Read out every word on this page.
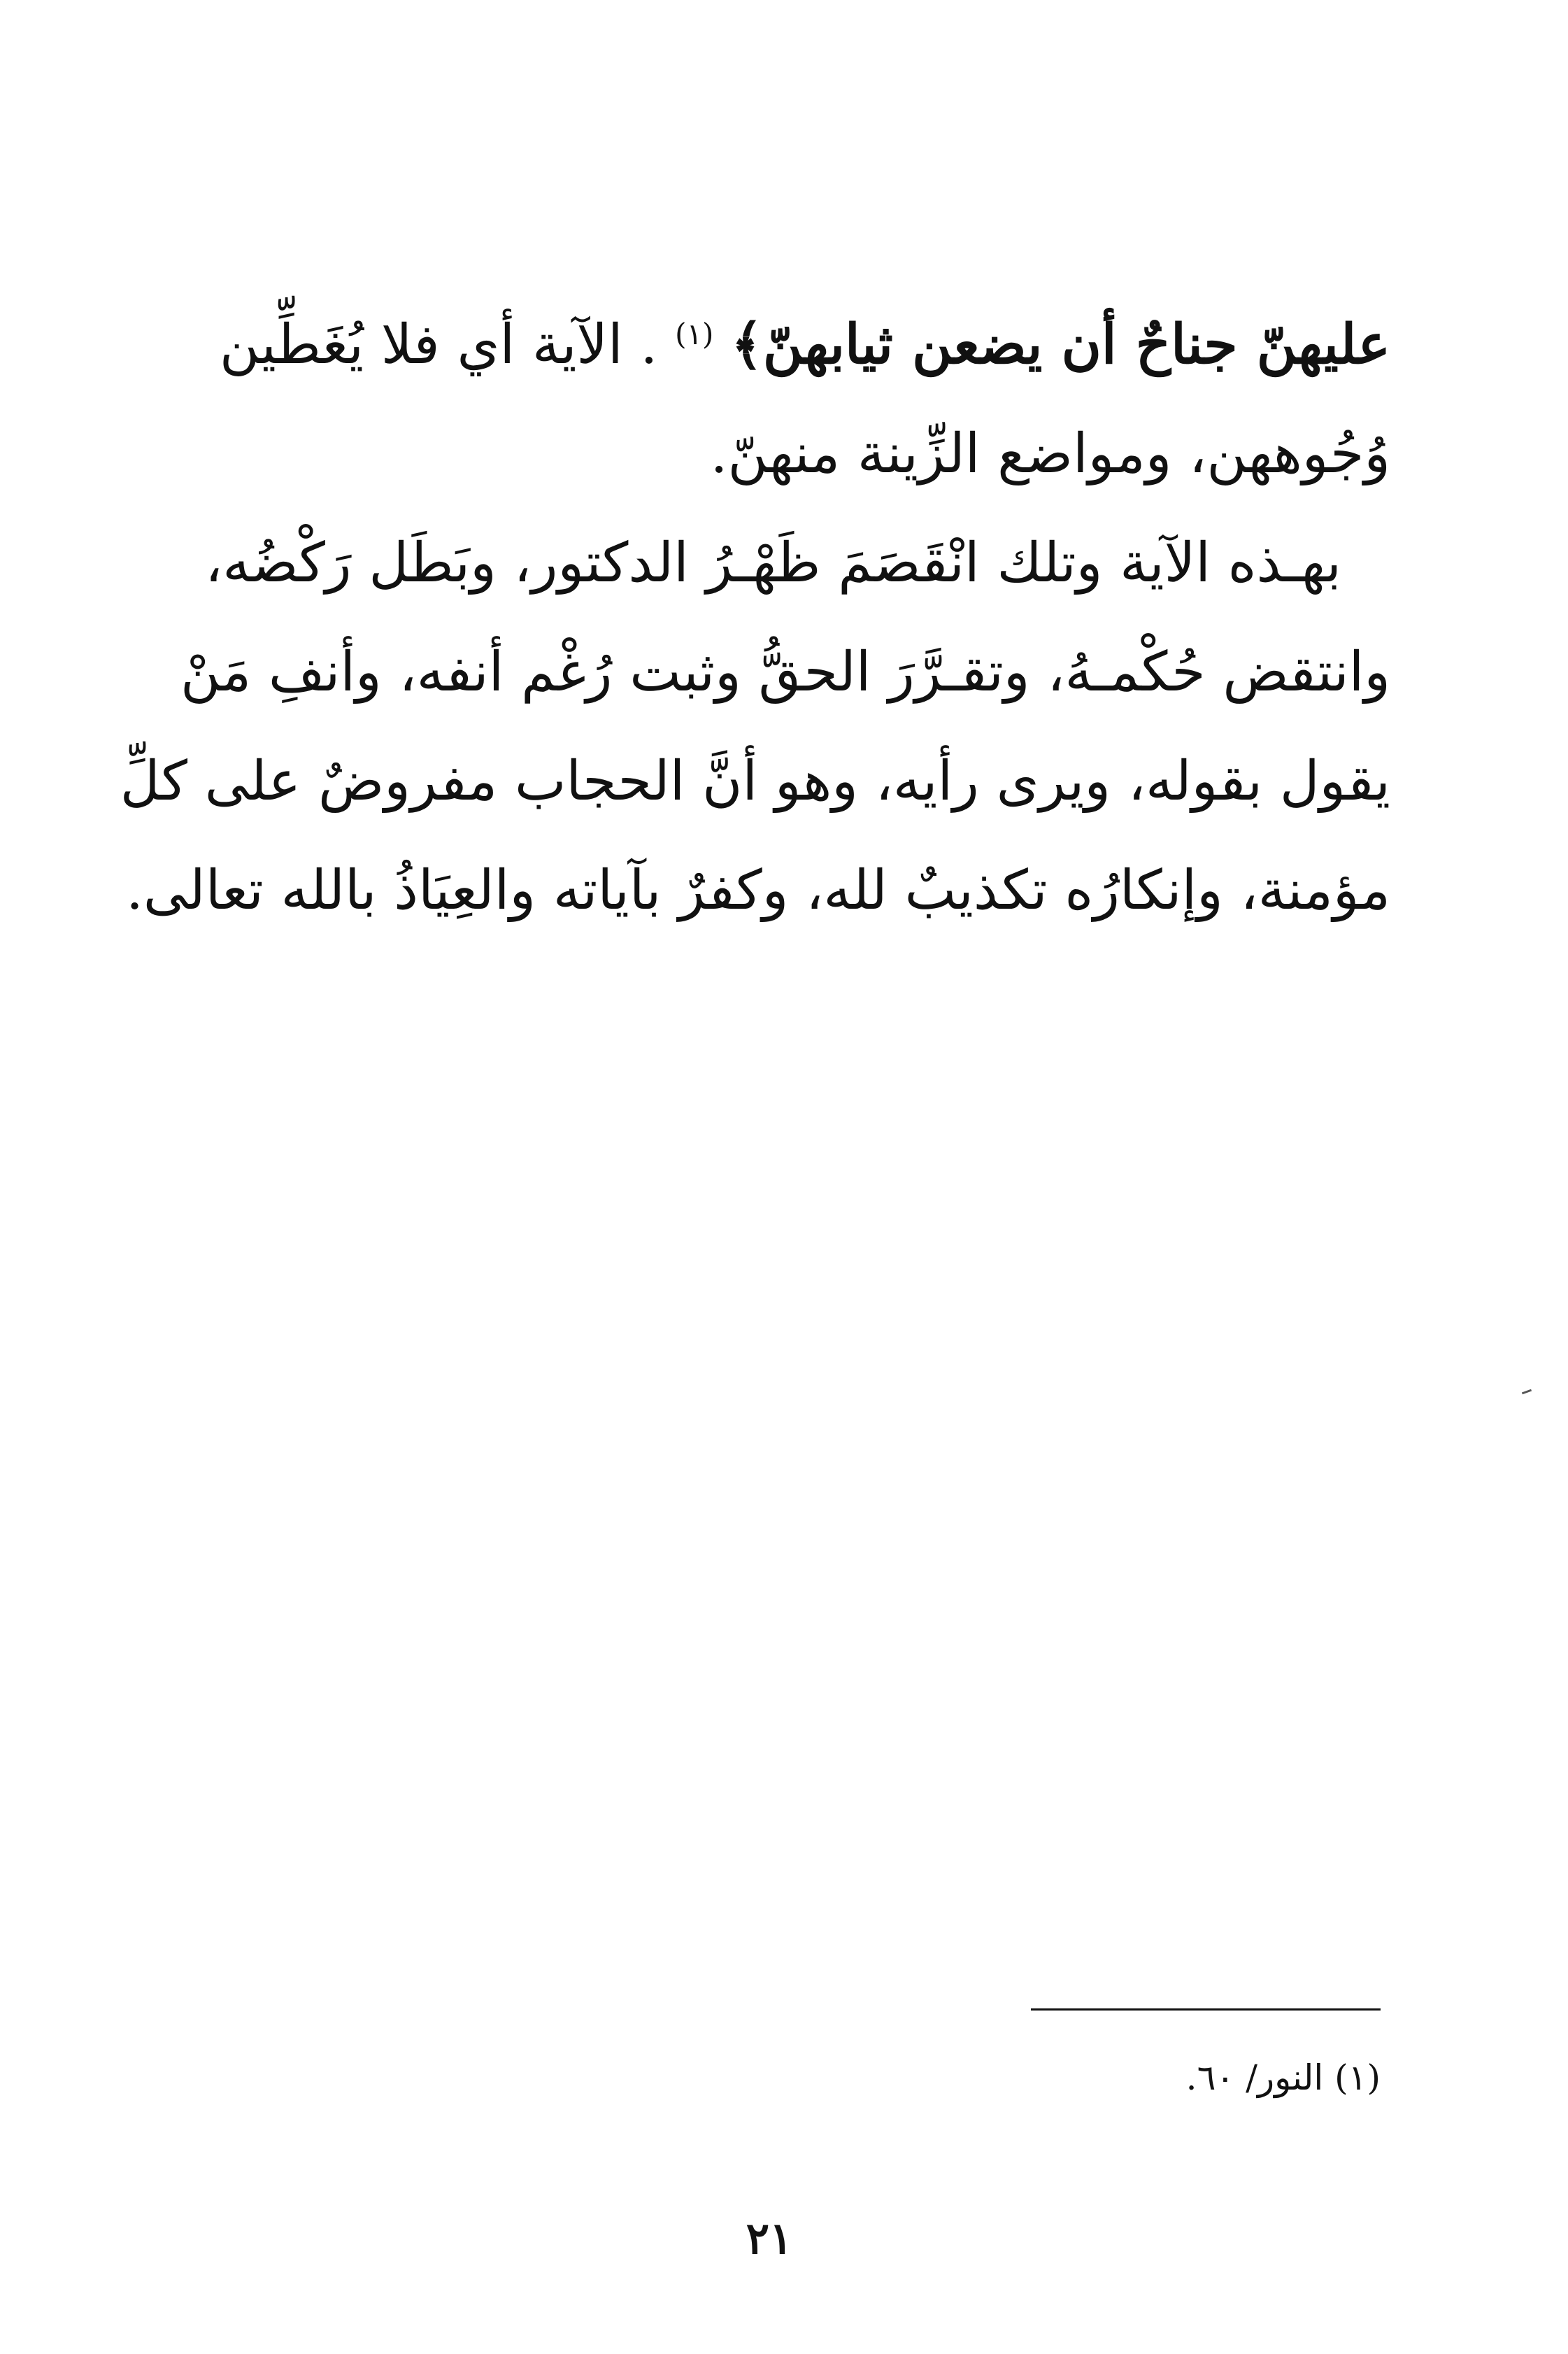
عليهنّ جناحٌ أن يضعن ثيابهنّ﴾ $^{(١)}$ . الآية أي فلا يُغَطِّين
وُجُوههن، ومواضع الزِّينة منهنّ.
بهـذه الآية وتلك انْقَصَمَ ظَهْـرُ الدكتور، وبَطَل رَكْضُه،
وانتقض حُكْمـهُ، وتقـرَّرَ الحقُّ وثبت رُغْم أنفه، وأنفِ مَنْ
يقول بقوله، ويرى رأيه، وهو أنَّ الحجاب مفروضٌ على كلِّ
مؤمنة، وإنكارُه تكذيبٌ لله، وكفرٌ بآياته والعِيَاذُ بالله تعالى.
(١) النور/ ٦٠.
٢١
